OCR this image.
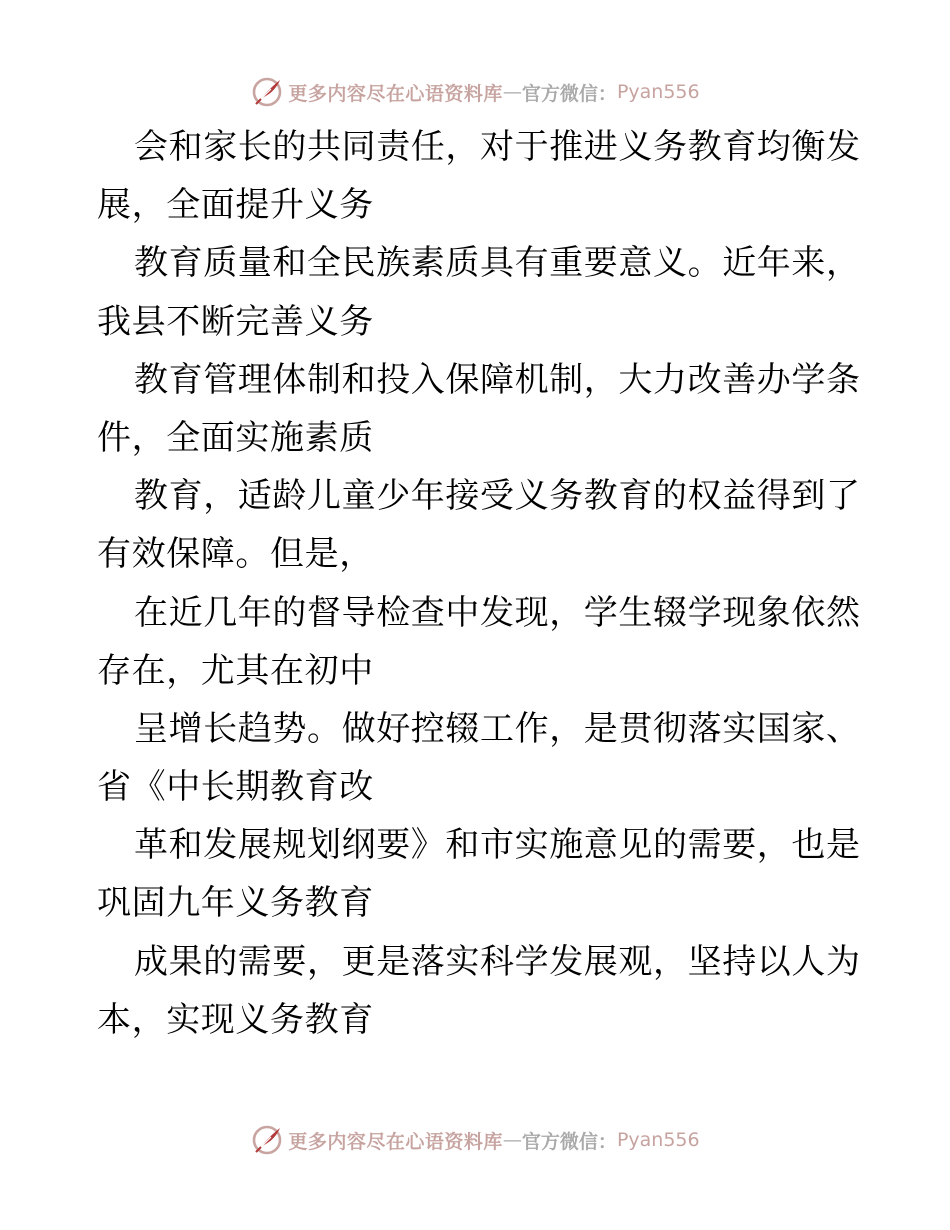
更多内容尽在心语资料库 — 官方微信： Pyan556
会和家长的共同责任，对于推进义务教育均衡发
展，全面提升义务
教育质量和全民族素质具有重要意义。近年来，
我县不断完善义务
教育管理体制和投入保障机制，大力改善办学条
件，全面实施素质
教育，适龄儿童少年接受义务教育的权益得到了
有效保障。但是，
在近几年的督导检查中发现，学生辍学现象依然
存在，尤其在初中
呈增长趋势。做好控辍工作，是贯彻落实国家、
省《中长期教育改
革和发展规划纲要》和市实施意见的需要，也是
巩固九年义务教育
成果的需要，更是落实科学发展观，坚持以人为
本，实现义务教育
更多内容尽在心语资料库 — 官方微信： Pyan556
